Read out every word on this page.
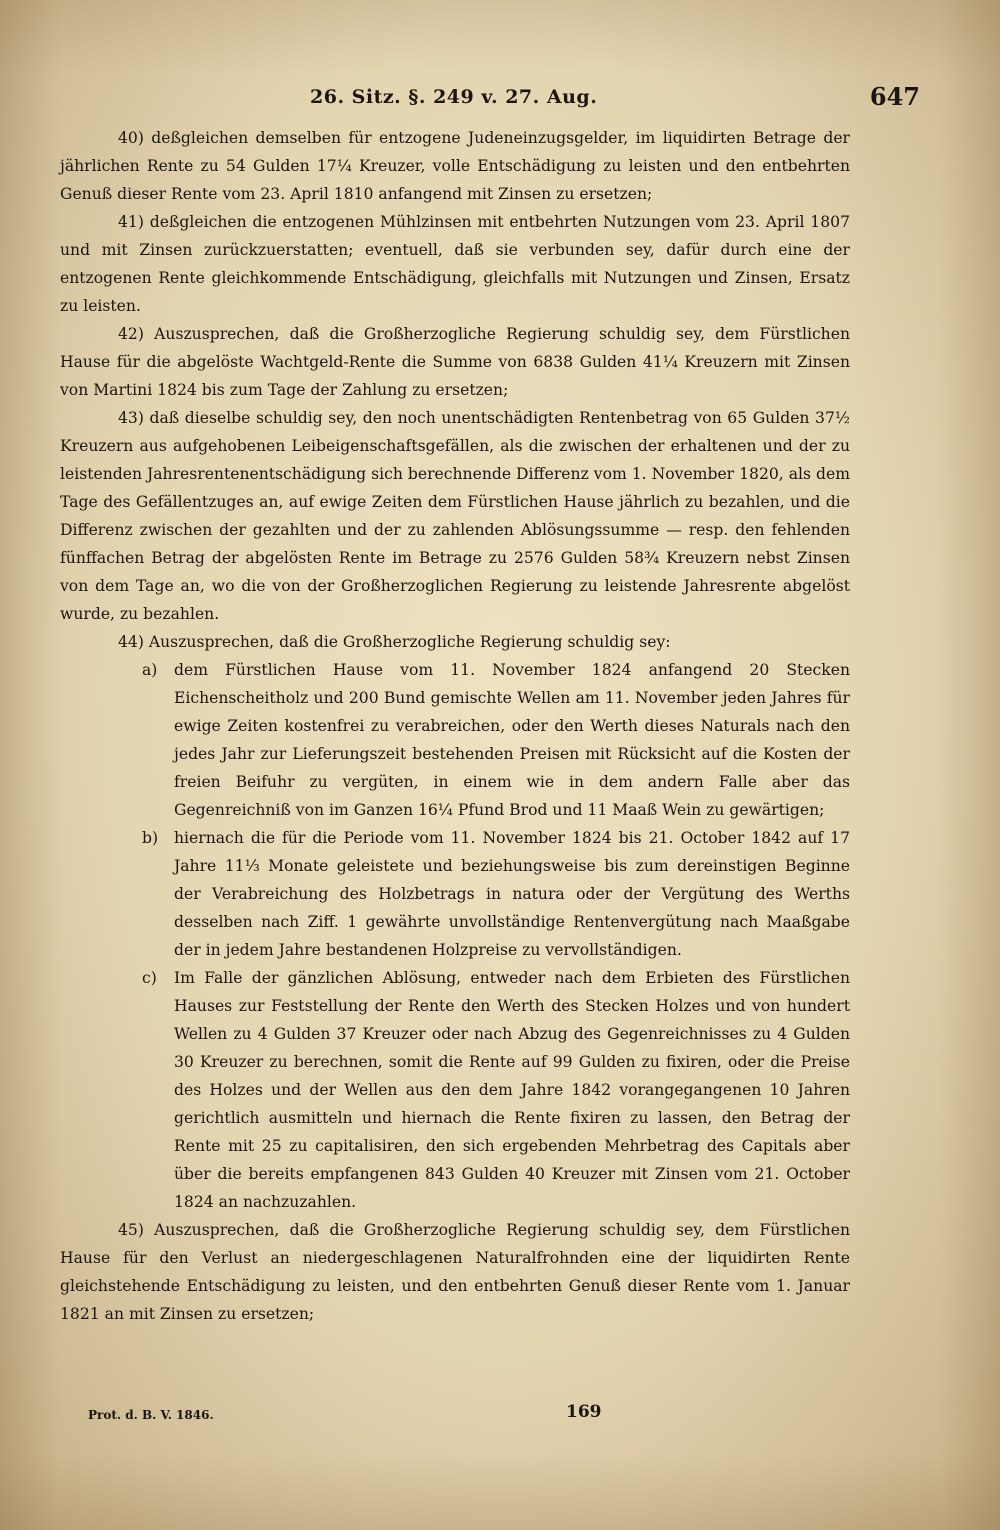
26. Sitz. §. 249 v. 27. Aug.	647

40) deßgleichen demselben für entzogene Judeneinzugsgelder, im liquidirten Betrage der jährlichen Rente zu 54 Gulden 17¼ Kreuzer, volle Entschädigung zu leisten und den entbehrten Genuß dieser Rente vom 23. April 1810 anfangend mit Zinsen zu ersetzen;

41) deßgleichen die entzogenen Mühlzinsen mit entbehrten Nutzungen vom 23. April 1807 und mit Zinsen zurückzuerstatten; eventuell, daß sie verbunden sey, dafür durch eine der entzogenen Rente gleichkommende Entschädigung, gleichfalls mit Nutzungen und Zinsen, Ersatz zu leisten.

42) Auszusprechen, daß die Großherzogliche Regierung schuldig sey, dem Fürstlichen Hause für die abgelöste Wachtgeld-Rente die Summe von 6838 Gulden 41¼ Kreuzern mit Zinsen von Martini 1824 bis zum Tage der Zahlung zu ersetzen;

43) daß dieselbe schuldig sey, den noch unentschädigten Rentenbetrag von 65 Gulden 37½ Kreuzern aus aufgehobenen Leibeigenschaftsgefällen, als die zwischen der erhaltenen und der zu leistenden Jahresrentenentschädigung sich berechnende Differenz vom 1. November 1820, als dem Tage des Gefällentzuges an, auf ewige Zeiten dem Fürstlichen Hause jährlich zu bezahlen, und die Differenz zwischen der gezahlten und der zu zahlenden Ablösungssumme — resp. den fehlenden fünffachen Betrag der abgelösten Rente im Betrage zu 2576 Gulden 58¾ Kreuzern nebst Zinsen von dem Tage an, wo die von der Großherzoglichen Regierung zu leistende Jahresrente abgelöst wurde, zu bezahlen.

44) Auszusprechen, daß die Großherzogliche Regierung schuldig sey:

a) dem Fürstlichen Hause vom 11. November 1824 anfangend 20 Stecken Eichenscheitholz und 200 Bund gemischte Wellen am 11. November jeden Jahres für ewige Zeiten kostenfrei zu verabreichen, oder den Werth dieses Naturals nach den jedes Jahr zur Lieferungszeit bestehenden Preisen mit Rücksicht auf die Kosten der freien Beifuhr zu vergüten, in einem wie in dem andern Falle aber das Gegenreichniß von im Ganzen 16¼ Pfund Brod und 11 Maaß Wein zu gewärtigen;
b) hiernach die für die Periode vom 11. November 1824 bis 21. October 1842 auf 17 Jahre 11⅓ Monate geleistete und beziehungsweise bis zum dereinstigen Beginne der Verabreichung des Holzbetrags in natura oder der Vergütung des Werths desselben nach Ziff. 1 gewährte unvollständige Rentenvergütung nach Maaßgabe der in jedem Jahre bestandenen Holzpreise zu vervollständigen.
c) Im Falle der gänzlichen Ablösung, entweder nach dem Erbieten des Fürstlichen Hauses zur Feststellung der Rente den Werth des Stecken Holzes und von hundert Wellen zu 4 Gulden 37 Kreuzer oder nach Abzug des Gegenreichnisses zu 4 Gulden 30 Kreuzer zu berechnen, somit die Rente auf 99 Gulden zu fixiren, oder die Preise des Holzes und der Wellen aus den dem Jahre 1842 vorangegangenen 10 Jahren gerichtlich ausmitteln und hiernach die Rente fixiren zu lassen, den Betrag der Rente mit 25 zu capitalisiren, den sich ergebenden Mehrbetrag des Capitals aber über die bereits empfangenen 843 Gulden 40 Kreuzer mit Zinsen vom 21. October 1824 an nachzuzahlen.

45) Auszusprechen, daß die Großherzogliche Regierung schuldig sey, dem Fürstlichen Hause für den Verlust an niedergeschlagenen Naturalfrohnden eine der liquidirten Rente gleichstehende Entschädigung zu leisten, und den entbehrten Genuß dieser Rente vom 1. Januar 1821 an mit Zinsen zu ersetzen;

Prot. d. B. V. 1846.	169
